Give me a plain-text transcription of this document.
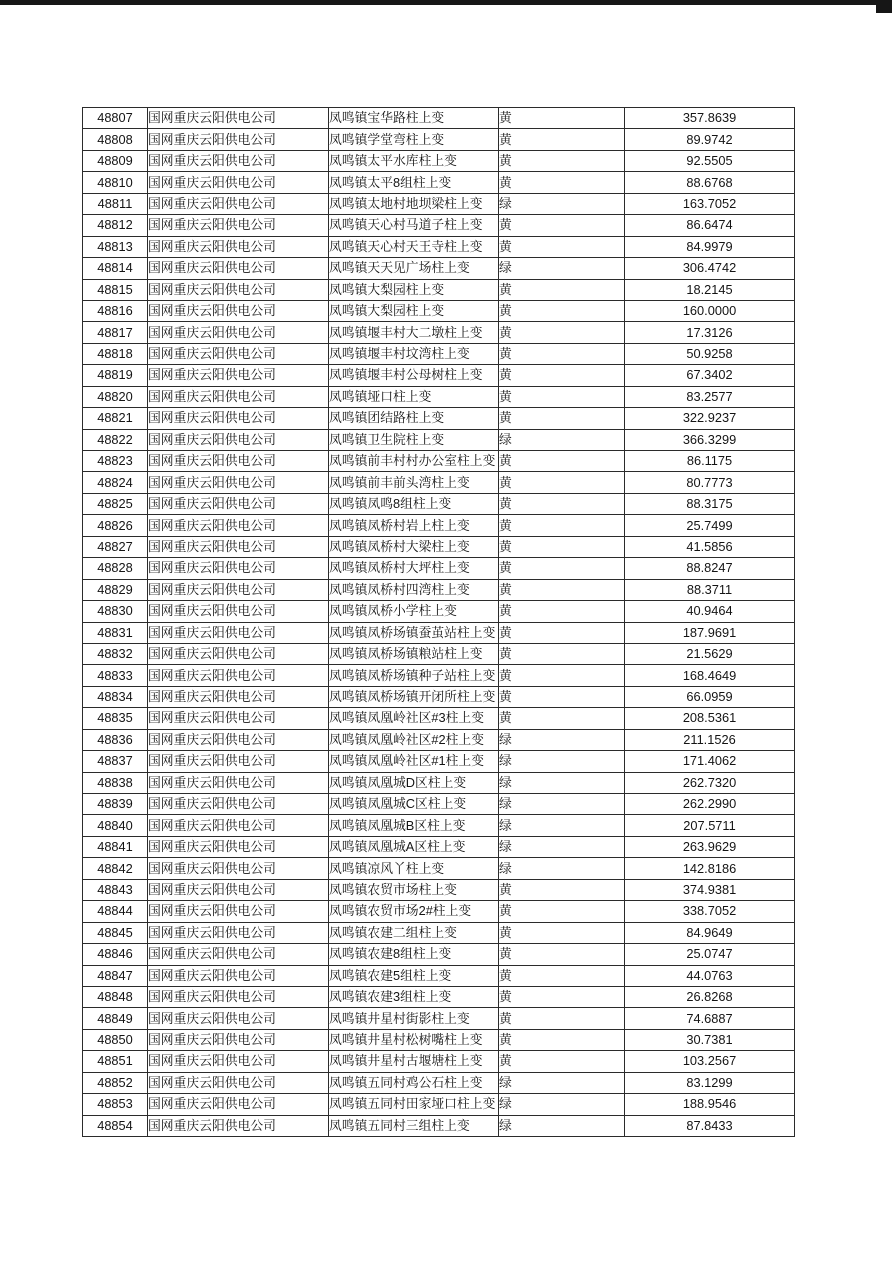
48807	国网重庆云阳供电公司	凤鸣镇宝华路柱上变	黄	357.8639
48808	国网重庆云阳供电公司	凤鸣镇学堂弯柱上变	黄	89.9742
48809	国网重庆云阳供电公司	凤鸣镇太平水库柱上变	黄	92.5505
48810	国网重庆云阳供电公司	凤鸣镇太平8组柱上变	黄	88.6768
48811	国网重庆云阳供电公司	凤鸣镇太地村地坝梁柱上变	绿	163.7052
48812	国网重庆云阳供电公司	凤鸣镇天心村马道子柱上变	黄	86.6474
48813	国网重庆云阳供电公司	凤鸣镇天心村天王寺柱上变	黄	84.9979
48814	国网重庆云阳供电公司	凤鸣镇天天见广场柱上变	绿	306.4742
48815	国网重庆云阳供电公司	凤鸣镇大梨园柱上变	黄	18.2145
48816	国网重庆云阳供电公司	凤鸣镇大梨园柱上变	黄	160.0000
48817	国网重庆云阳供电公司	凤鸣镇堰丰村大二墩柱上变	黄	17.3126
48818	国网重庆云阳供电公司	凤鸣镇堰丰村坟湾柱上变	黄	50.9258
48819	国网重庆云阳供电公司	凤鸣镇堰丰村公母树柱上变	黄	67.3402
48820	国网重庆云阳供电公司	凤鸣镇垭口柱上变	黄	83.2577
48821	国网重庆云阳供电公司	凤鸣镇团结路柱上变	黄	322.9237
48822	国网重庆云阳供电公司	凤鸣镇卫生院柱上变	绿	366.3299
48823	国网重庆云阳供电公司	凤鸣镇前丰村村办公室柱上变	黄	86.1175
48824	国网重庆云阳供电公司	凤鸣镇前丰前头湾柱上变	黄	80.7773
48825	国网重庆云阳供电公司	凤鸣镇凤鸣8组柱上变	黄	88.3175
48826	国网重庆云阳供电公司	凤鸣镇凤桥村岩上柱上变	黄	25.7499
48827	国网重庆云阳供电公司	凤鸣镇凤桥村大梁柱上变	黄	41.5856
48828	国网重庆云阳供电公司	凤鸣镇凤桥村大坪柱上变	黄	88.8247
48829	国网重庆云阳供电公司	凤鸣镇凤桥村四湾柱上变	黄	88.3711
48830	国网重庆云阳供电公司	凤鸣镇凤桥小学柱上变	黄	40.9464
48831	国网重庆云阳供电公司	凤鸣镇凤桥场镇蚕茧站柱上变	黄	187.9691
48832	国网重庆云阳供电公司	凤鸣镇凤桥场镇粮站柱上变	黄	21.5629
48833	国网重庆云阳供电公司	凤鸣镇凤桥场镇种子站柱上变	黄	168.4649
48834	国网重庆云阳供电公司	凤鸣镇凤桥场镇开闭所柱上变	黄	66.0959
48835	国网重庆云阳供电公司	凤鸣镇凤凰岭社区#3柱上变	黄	208.5361
48836	国网重庆云阳供电公司	凤鸣镇凤凰岭社区#2柱上变	绿	211.1526
48837	国网重庆云阳供电公司	凤鸣镇凤凰岭社区#1柱上变	绿	171.4062
48838	国网重庆云阳供电公司	凤鸣镇凤凰城D区柱上变	绿	262.7320
48839	国网重庆云阳供电公司	凤鸣镇凤凰城C区柱上变	绿	262.2990
48840	国网重庆云阳供电公司	凤鸣镇凤凰城B区柱上变	绿	207.5711
48841	国网重庆云阳供电公司	凤鸣镇凤凰城A区柱上变	绿	263.9629
48842	国网重庆云阳供电公司	凤鸣镇凉风丫柱上变	绿	142.8186
48843	国网重庆云阳供电公司	凤鸣镇农贸市场柱上变	黄	374.9381
48844	国网重庆云阳供电公司	凤鸣镇农贸市场2#柱上变	黄	338.7052
48845	国网重庆云阳供电公司	凤鸣镇农建二组柱上变	黄	84.9649
48846	国网重庆云阳供电公司	凤鸣镇农建8组柱上变	黄	25.0747
48847	国网重庆云阳供电公司	凤鸣镇农建5组柱上变	黄	44.0763
48848	国网重庆云阳供电公司	凤鸣镇农建3组柱上变	黄	26.8268
48849	国网重庆云阳供电公司	凤鸣镇井星村街影柱上变	黄	74.6887
48850	国网重庆云阳供电公司	凤鸣镇井星村松树嘴柱上变	黄	30.7381
48851	国网重庆云阳供电公司	凤鸣镇井星村古堰塘柱上变	黄	103.2567
48852	国网重庆云阳供电公司	凤鸣镇五同村鸡公石柱上变	绿	83.1299
48853	国网重庆云阳供电公司	凤鸣镇五同村田家垭口柱上变	绿	188.9546
48854	国网重庆云阳供电公司	凤鸣镇五同村三组柱上变	绿	87.8433
